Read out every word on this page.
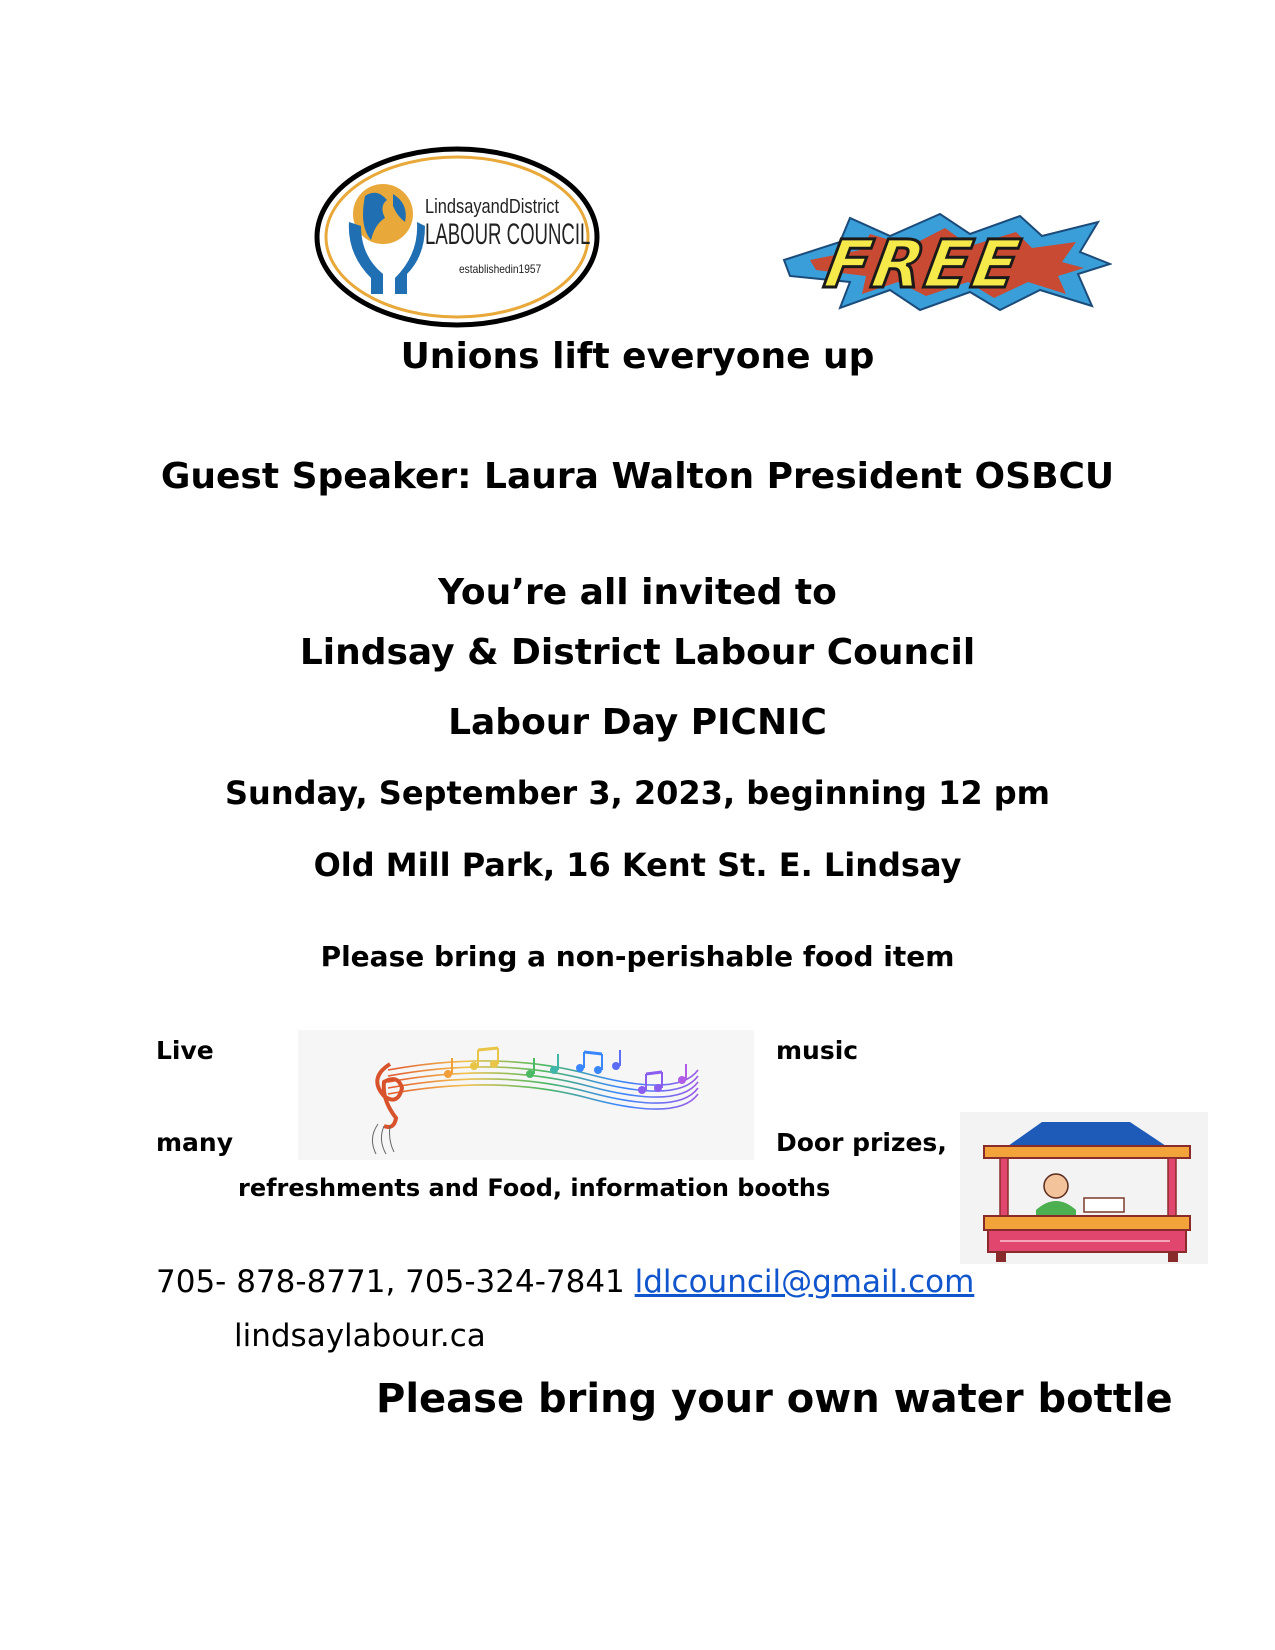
LindsayandDistrict
LABOUR COUNCIL
establishedin1957	FREE
Unions lift everyone up
Guest Speaker: Laura Walton President OSBCU
You’re all invited to
Lindsay & District Labour Council
Labour Day PICNIC
Sunday, September 3, 2023, beginning 12 pm
Old Mill Park, 16 Kent St. E. Lindsay
Please bring a non-perishable food item
Live	music
many	Door prizes,
refreshments and Food, information booths
705- 878-8771, 705-324-7841 ldlcouncil@gmail.com
lindsaylabour.ca
Please bring your own water bottle
